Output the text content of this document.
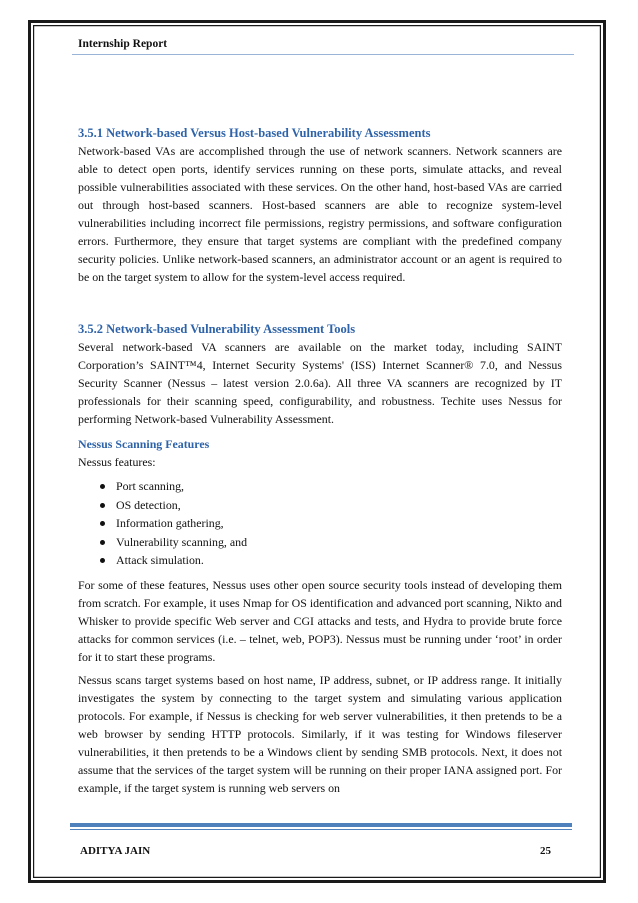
Internship Report
3.5.1 Network-based Versus Host-based Vulnerability Assessments

Network-based VAs are accomplished through the use of network scanners. Network scanners are able to detect open ports, identify services running on these ports, simulate attacks, and reveal possible vulnerabilities associated with these services. On the other hand, host-based VAs are carried out through host-based scanners. Host-based scanners are able to recognize system-level vulnerabilities including incorrect file permissions, registry permissions, and software configuration errors. Furthermore, they ensure that target systems are compliant with the predefined company security policies. Unlike network-based scanners, an administrator account or an agent is required to be on the target system to allow for the system-level access required.

3.5.2 Network-based Vulnerability Assessment Tools

Several network-based VA scanners are available on the market today, including SAINT Corporation’s SAINT™4, Internet Security Systems' (ISS) Internet Scanner® 7.0, and Nessus Security Scanner (Nessus – latest version 2.0.6a). All three VA scanners are recognized by IT professionals for their scanning speed, configurability, and robustness. Techite uses Nessus for performing Network-based Vulnerability Assessment.

Nessus Scanning Features

Nessus features:

Port scanning,
OS detection,
Information gathering,
Vulnerability scanning, and
Attack simulation.

For some of these features, Nessus uses other open source security tools instead of developing them from scratch. For example, it uses Nmap for OS identification and advanced port scanning, Nikto and Whisker to provide specific Web server and CGI attacks and tests, and Hydra to provide brute force attacks for common services (i.e. – telnet, web, POP3). Nessus must be running under ‘root’ in order for it to start these programs.

Nessus scans target systems based on host name, IP address, subnet, or IP address range. It initially investigates the system by connecting to the target system and simulating various application protocols. For example, if Nessus is checking for web server vulnerabilities, it then pretends to be a web browser by sending HTTP protocols. Similarly, if it was testing for Windows fileserver vulnerabilities, it then pretends to be a Windows client by sending SMB protocols. Next, it does not assume that the services of the target system will be running on their proper IANA assigned port. For example, if the target system is running web servers on

ADITYA JAIN	25
